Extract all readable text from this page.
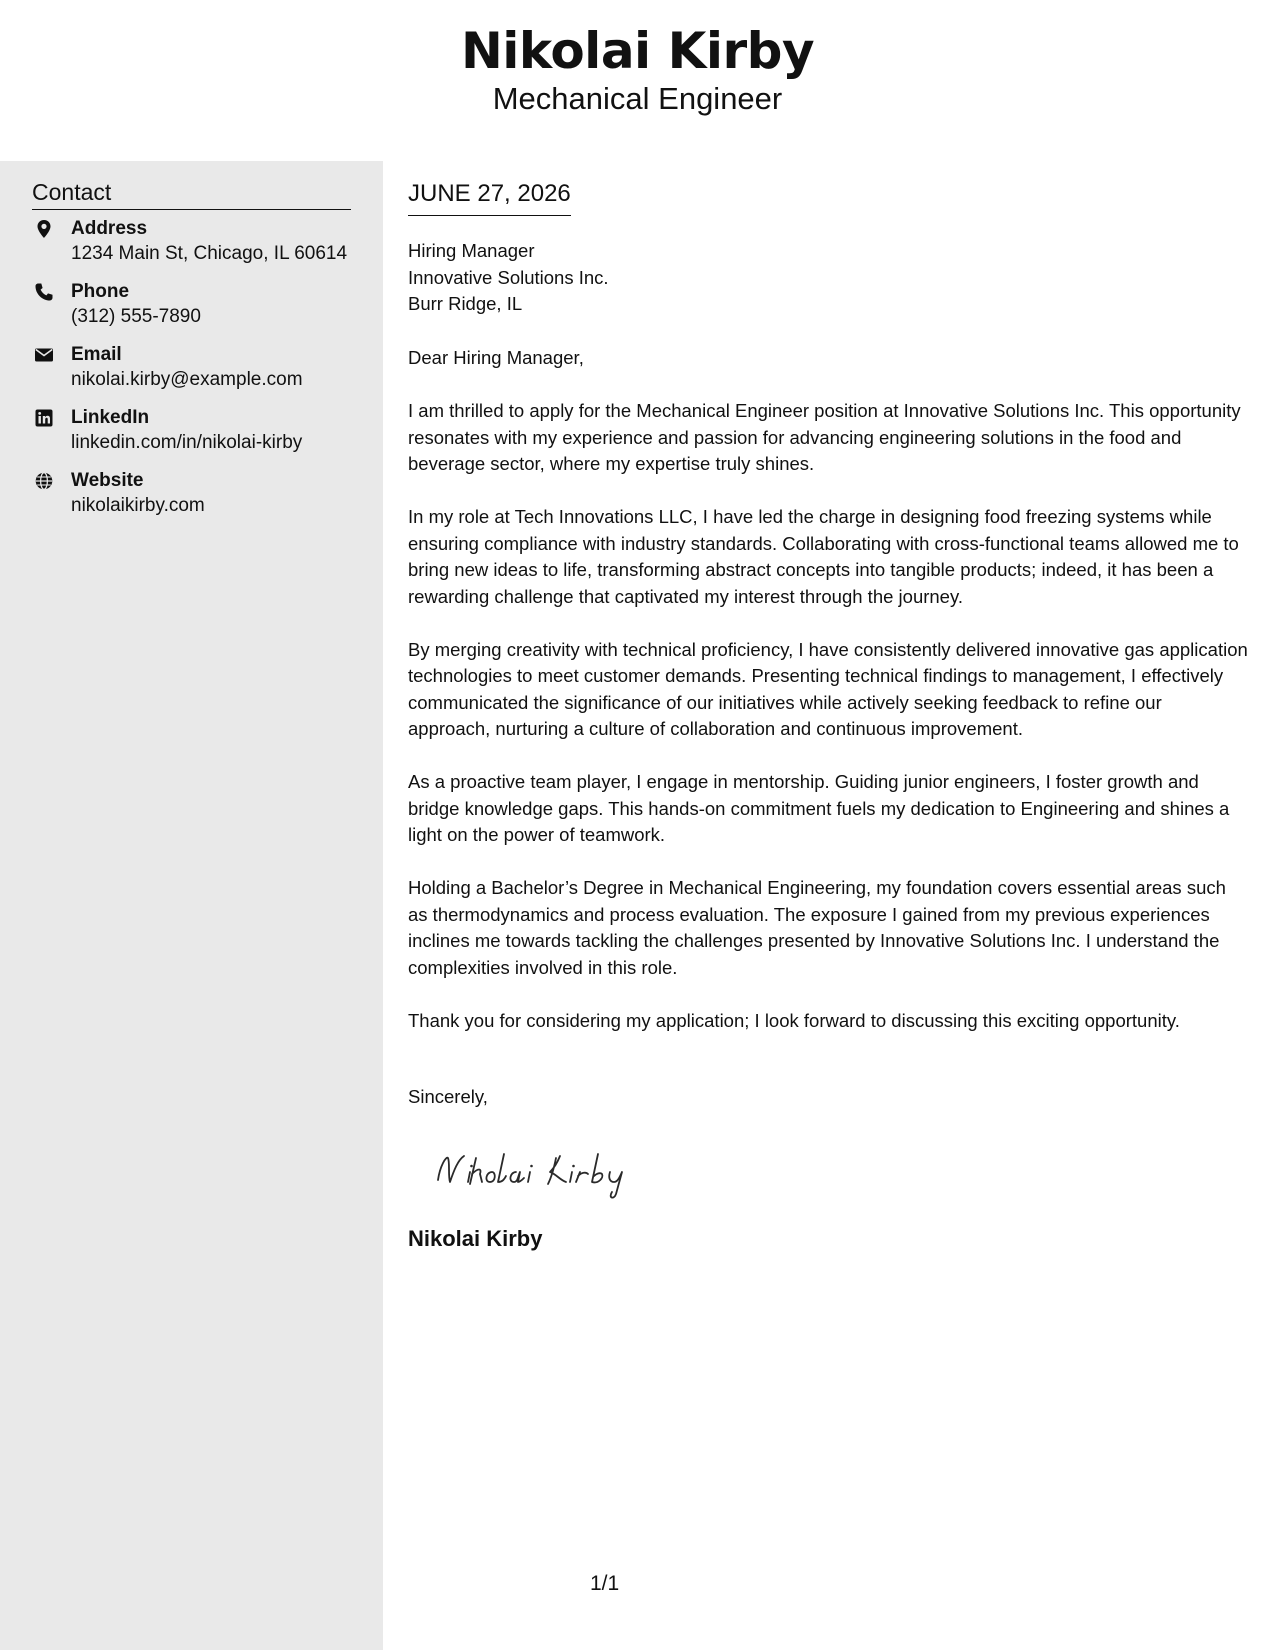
Nikolai Kirby
Mechanical Engineer
Contact
Address
1234 Main St, Chicago, IL 60614
Phone
(312) 555-7890
Email
nikolai.kirby@example.com
LinkedIn
linkedin.com/in/nikolai-kirby
Website
nikolaikirby.com
JUNE 27, 2026
Hiring Manager
Innovative Solutions Inc.
Burr Ridge, IL
Dear Hiring Manager,

I am thrilled to apply for the Mechanical Engineer position at Innovative Solutions Inc. This opportunity resonates with my experience and passion for advancing engineering solutions in the food and beverage sector, where my expertise truly shines.

In my role at Tech Innovations LLC, I have led the charge in designing food freezing systems while ensuring compliance with industry standards. Collaborating with cross-functional teams allowed me to bring new ideas to life, transforming abstract concepts into tangible products; indeed, it has been a rewarding challenge that captivated my interest through the journey.

By merging creativity with technical proficiency, I have consistently delivered innovative gas application technologies to meet customer demands. Presenting technical findings to management, I effectively communicated the significance of our initiatives while actively seeking feedback to refine our approach, nurturing a culture of collaboration and continuous improvement.

As a proactive team player, I engage in mentorship. Guiding junior engineers, I foster growth and bridge knowledge gaps. This hands-on commitment fuels my dedication to Engineering and shines a light on the power of teamwork.

Holding a Bachelor’s Degree in Mechanical Engineering, my foundation covers essential areas such as thermodynamics and process evaluation. The exposure I gained from my previous experiences inclines me towards tackling the challenges presented by Innovative Solutions Inc. I understand the complexities involved in this role.

Thank you for considering my application; I look forward to discussing this exciting opportunity.

Sincerely,
Nikolai Kirby
1/1
